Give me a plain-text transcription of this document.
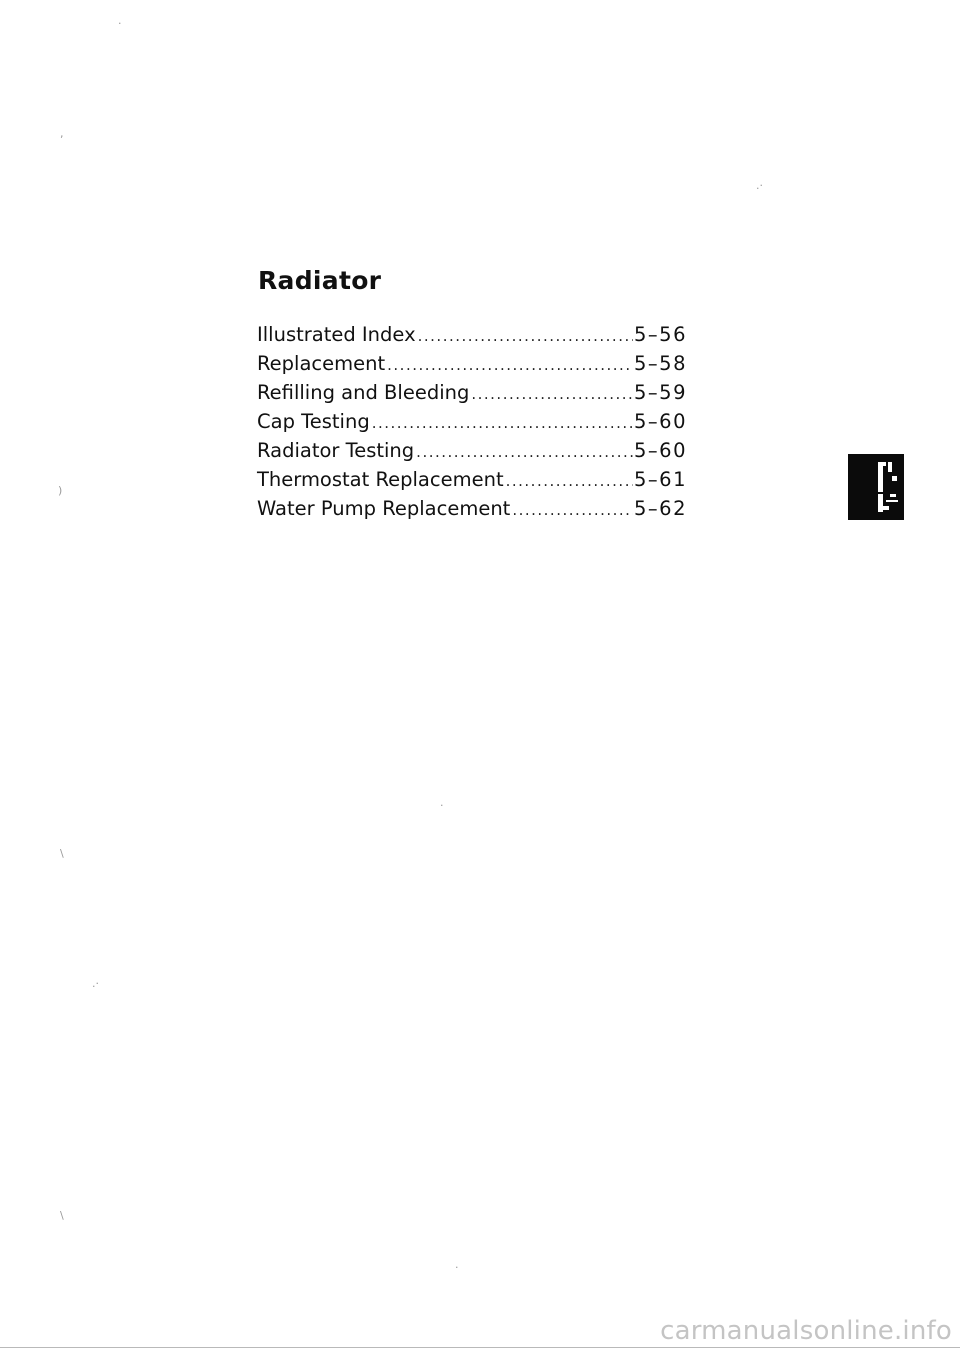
Radiator
Illustrated Index .....	5–56
Replacement .....	5–58
Refilling and Bleeding .....	5–59
Cap Testing .....	5–60
Radiator Testing .....	5–60
Thermostat Replacement .....	5–61
Water Pump Replacement .....	5–62
·
,
.·
)
\
·
.·
\
·
carmanualsonline.info
